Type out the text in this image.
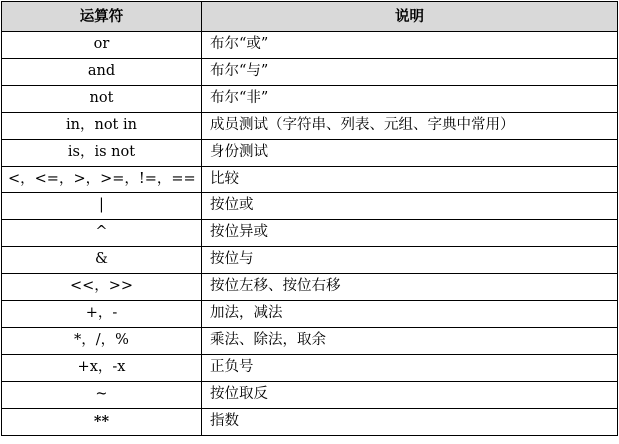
运算符	说明
or	布尔“或”
and	布尔“与”
not	布尔“非”
in，not in	成员测试（字符串、列表、元组、字典中常用）
is，is not	身份测试
<，<=，>，>=，!=，==	比较
|	按位或
^	按位异或
&	按位与
<<，>>	按位左移、按位右移
+，-	加法，减法
*，/，%	乘法、除法，取余
+x，-x	正负号
~	按位取反
**	指数
